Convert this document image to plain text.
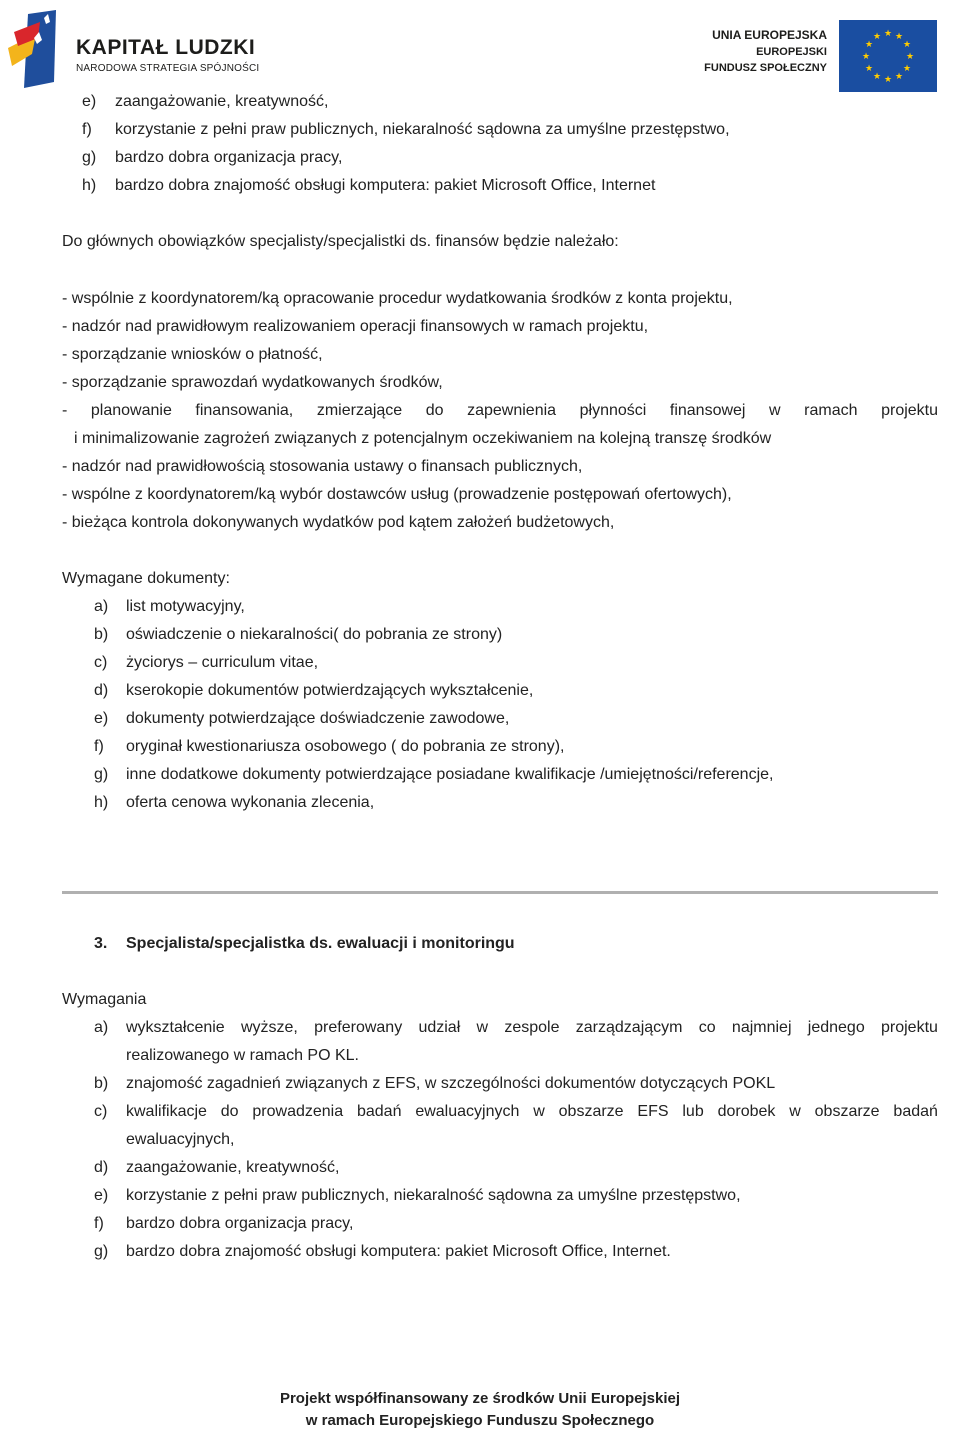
KAPITAŁ LUDZKI
NARODOWA STRATEGIA SPÓJNOŚCI
UNIA EUROPEJSKA
EUROPEJSKI
FUNDUSZ SPOŁECZNY
★ ★
★
★
★
★
★
★
★
★
★
★
e) zaangażowanie, kreatywność,
f) korzystanie z pełni praw publicznych, niekaralność sądowna za umyślne przestępstwo,
g) bardzo dobra organizacja pracy,
h) bardzo dobra znajomość obsługi komputera: pakiet Microsoft Office, Internet
Do głównych obowiązków specjalisty/specjalistki ds. finansów będzie należało:
- wspólnie z koordynatorem/ką opracowanie procedur wydatkowania środków z konta projektu,
- nadzór nad prawidłowym realizowaniem operacji finansowych w ramach projektu,
- sporządzanie wniosków o płatność,
- sporządzanie sprawozdań wydatkowanych środków,
- planowanie finansowania, zmierzające do zapewnienia płynności finansowej w ramach projektu
i minimalizowanie zagrożeń związanych z potencjalnym oczekiwaniem na kolejną transzę środków
- nadzór nad prawidłowością stosowania ustawy o finansach publicznych,
- wspólne z koordynatorem/ką wybór dostawców usług (prowadzenie postępowań ofertowych),
- bieżąca kontrola dokonywanych wydatków pod kątem założeń budżetowych,
Wymagane dokumenty:
a) list motywacyjny,
b) oświadczenie o niekaralności( do pobrania ze strony)
c) życiorys – curriculum vitae,
d) kserokopie dokumentów potwierdzających wykształcenie,
e) dokumenty potwierdzające doświadczenie zawodowe,
f) oryginał kwestionariusza osobowego ( do pobrania ze strony),
g) inne dodatkowe dokumenty potwierdzające posiadane kwalifikacje /umiejętności/referencje,
h) oferta cenowa wykonania zlecenia,
3. Specjalista/specjalistka ds. ewaluacji i monitoringu
Wymagania
a) wykształcenie wyższe, preferowany udział w zespole zarządzającym co najmniej jednego projektu
realizowanego w ramach PO KL.
b) znajomość zagadnień związanych z EFS, w szczególności dokumentów dotyczących POKL
c) kwalifikacje do prowadzenia badań ewaluacyjnych w obszarze EFS lub dorobek w obszarze badań
ewaluacyjnych,
d) zaangażowanie, kreatywność,
e) korzystanie z pełni praw publicznych, niekaralność sądowna za umyślne przestępstwo,
f) bardzo dobra organizacja pracy,
g) bardzo dobra znajomość obsługi komputera: pakiet Microsoft Office, Internet.
Projekt współfinansowany ze środków Unii Europejskiej
w ramach Europejskiego Funduszu Społecznego
